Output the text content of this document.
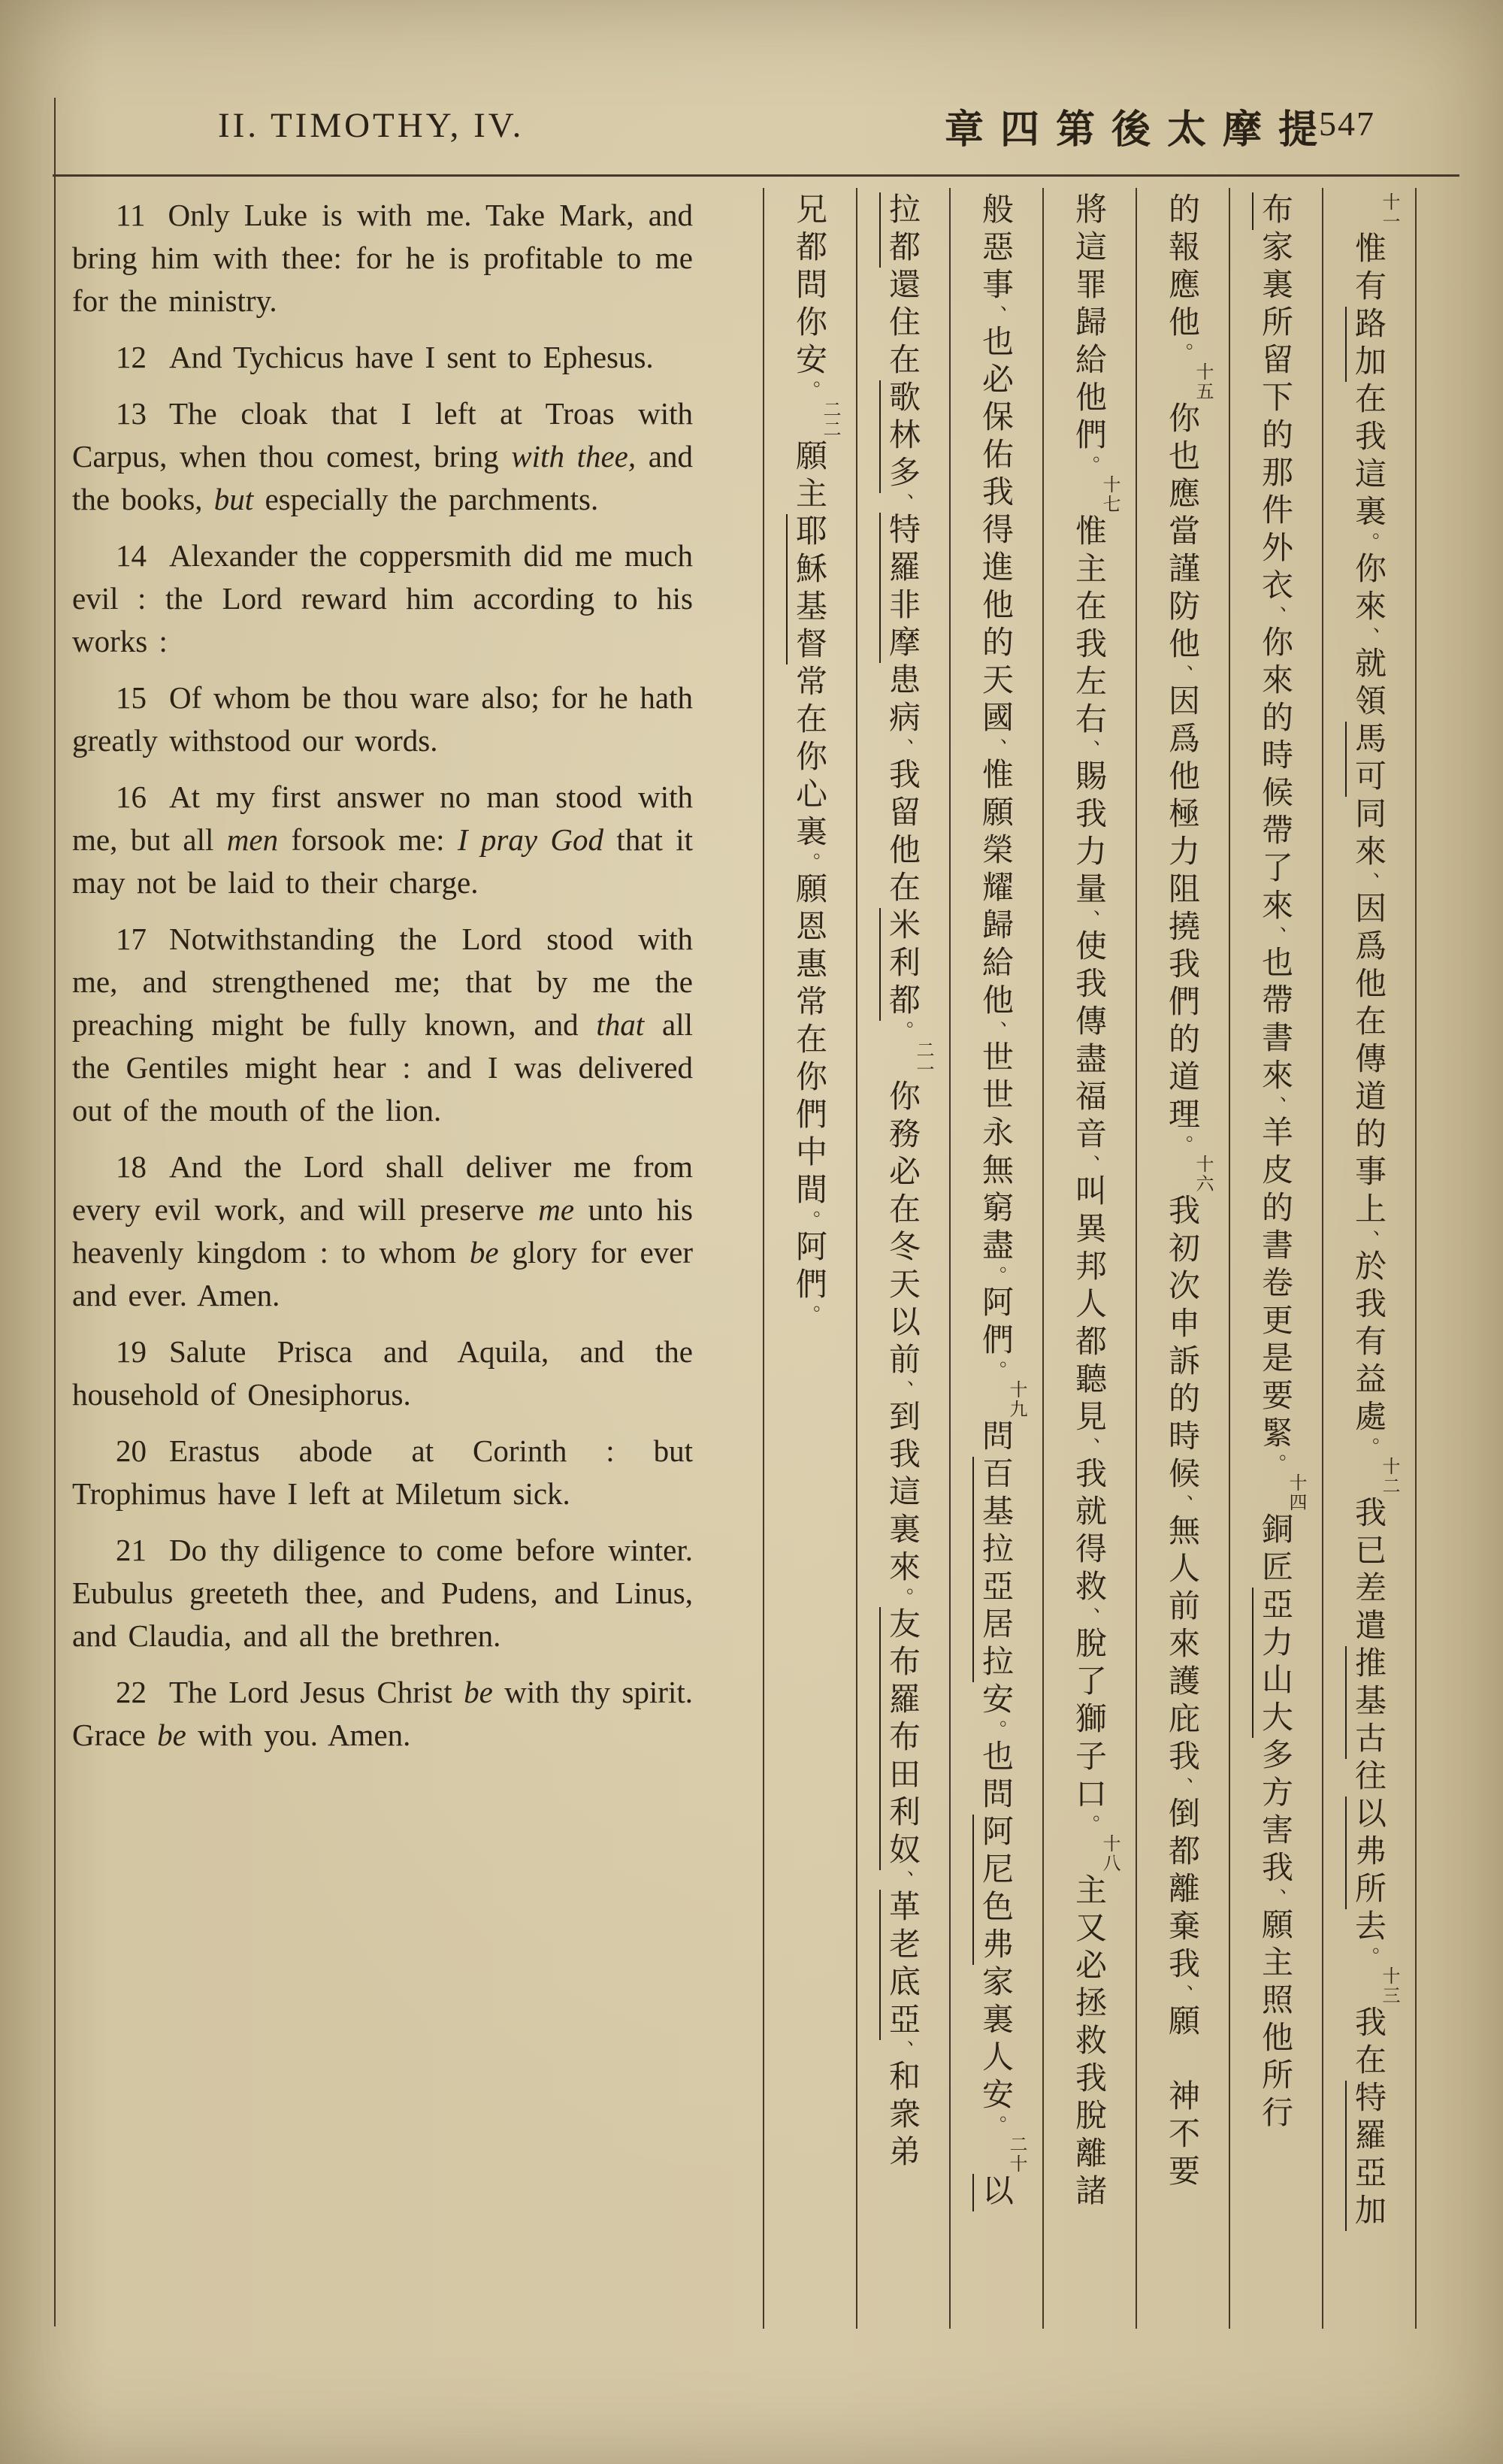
II. TIMOTHY, IV.	章四第後太摩提
547

11 Only Luke is with me. Take Mark, and bring him with thee: for he is profitable to me for the ministry.

12 And Tychicus have I sent to Ephesus.

13 The cloak that I left at Troas with Carpus, when thou comest, bring with thee, and the books, but especially the parchments.

14 Alexander the coppersmith did me much evil : the Lord reward him according to his works :

15 Of whom be thou ware also; for he hath greatly withstood our words.

16 At my first answer no man stood with me, but all men forsook me: I pray God that it may not be laid to their charge.

17 Notwithstanding the Lord stood with me, and strengthened me; that by me the preaching might be fully known, and that all the Gentiles might hear : and I was delivered out of the mouth of the lion.

18 And the Lord shall deliver me from every evil work, and will preserve me unto his heavenly kingdom : to whom be glory for ever and ever. Amen.

19 Salute Prisca and Aquila, and the household of Onesiphorus.

20 Erastus abode at Corinth : but Trophimus have I left at Miletum sick.

21 Do thy diligence to come before winter. Eubulus greeteth thee, and Pudens, and Linus, and Claudia, and all the brethren.

22 The Lord Jesus Christ be with thy spirit. Grace be with you. Amen.

十一惟有路加在我這裏。你來、就領馬可同來、因爲他在傳道的事上、於我有益處。十二我已差遣推基古往以弗所去。十三我在特羅亞加
布家裏所留下的那件外衣、你來的時候帶了來、也帶書來、羊皮的書卷更是要緊。十四銅匠亞力山大多方害我、願主照他所行
的報應他。十五你也應當謹防他、因爲他極力阻撓我們的道理。十六我初次申訴的時候、無人前來護庇我、倒都離棄我、願　神不要
將這罪歸給他們。十七惟主在我左右、賜我力量、使我傳盡福音、叫異邦人都聽見、我就得救、脫了獅子口。十八主又必拯救我脫離諸
般惡事、也必保佑我得進他的天國、惟願榮耀歸給他、世世永無窮盡。阿們。十九問百基拉亞居拉安。也問阿尼色弗家裏人安。二十以
拉都還住在歌林多、特羅非摩患病、我留他在米利都。二一你務必在冬天以前、到我這裏來。友布羅布田利奴、革老底亞、和衆弟
兄都問你安。二二願主耶穌基督常在你心裏。願恩惠常在你們中間。阿們。
